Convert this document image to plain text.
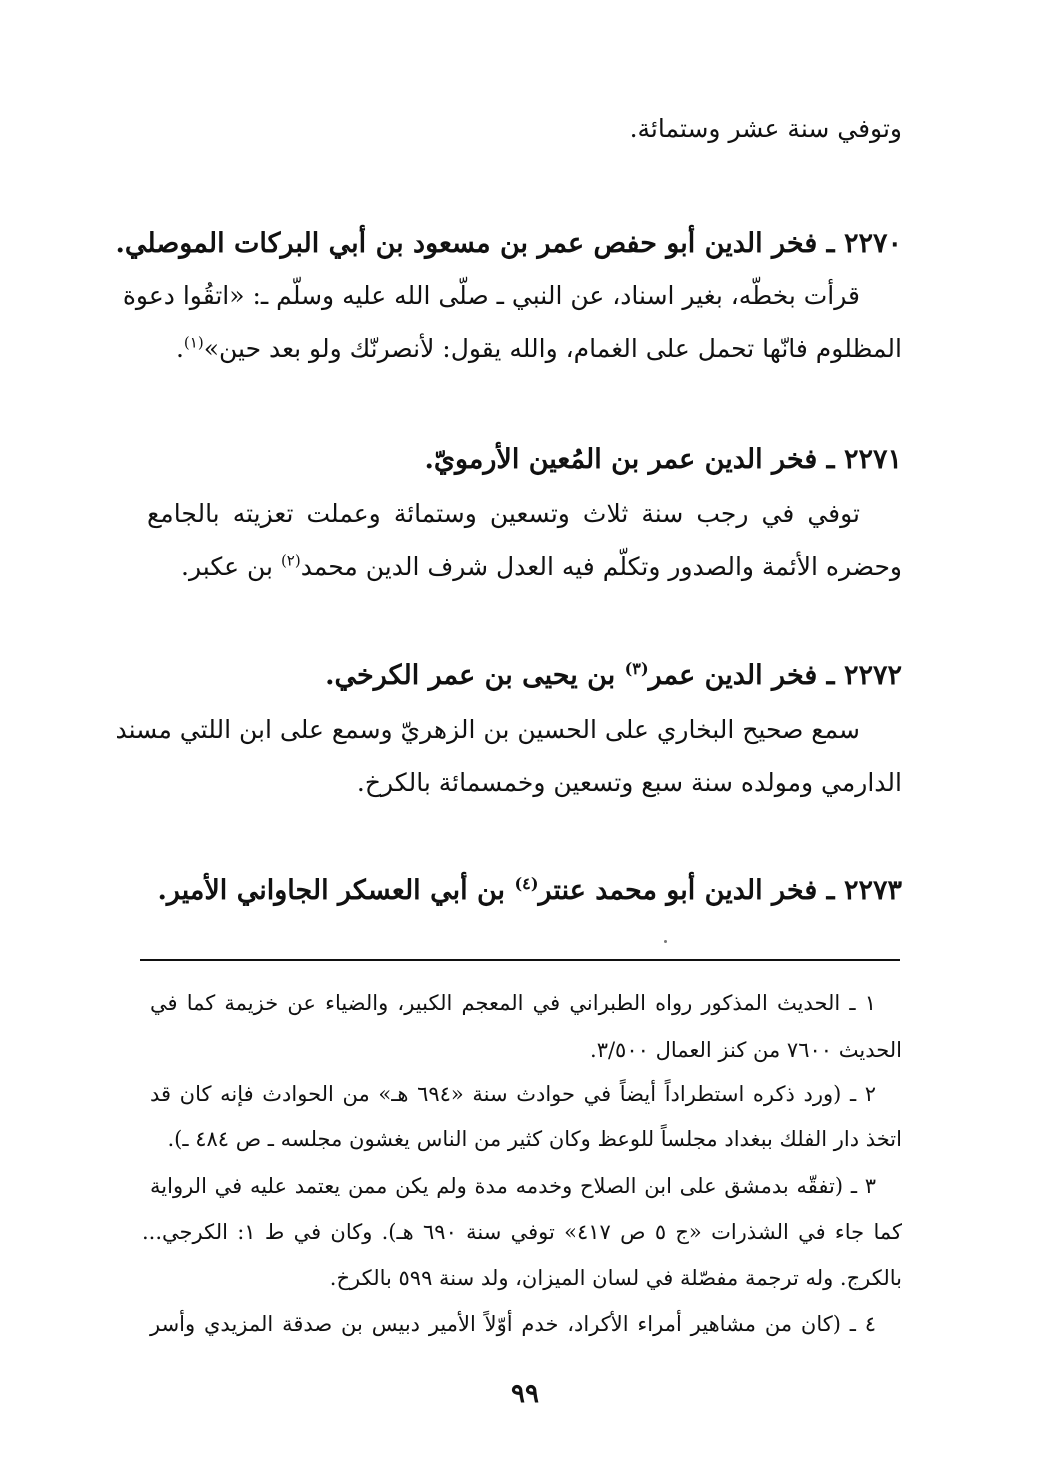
وتوفي سنة عشر وستمائة.

٢٢٧٠ ـ فخر الدين أبو حفص عمر بن مسعود بن أبي البركات الموصلي.

قرأت بخطّه، بغير اسناد، عن النبي ـ صلّى الله عليه وسلّم ـ: «اتقُوا دعوة

المظلوم فانّها تحمل على الغمام، والله يقول: لأنصرنّك ولو بعد حين»$^{(١)}$.

٢٢٧١ ـ فخر الدين عمر بن المُعين الأرمويّ.

توفي في رجب سنة ثلاث وتسعين وستمائة وعملت تعزيته بالجامع

وحضره الأئمة والصدور وتكلّم فيه العدل شرف الدين محمد$^{(٢)}$ بن عكبر.

٢٢٧٢ ـ فخر الدين عمر$^{(٣)}$ بن يحيى بن عمر الكرخي.

سمع صحيح البخاري على الحسين بن الزهريّ وسمع على ابن اللتي مسند

الدارمي ومولده سنة سبع وتسعين وخمسمائة بالكرخ.

٢٢٧٣ ـ فخر الدين أبو محمد عنتر$^{(٤)}$ بن أبي العسكر الجاواني الأمير.

١ ـ الحديث المذكور رواه الطبراني في المعجم الكبير، والضياء عن خزيمة كما في

الحديث ٧٦٠٠ من كنز العمال ٣/٥٠٠.

٢ ـ (ورد ذكره استطراداً أيضاً في حوادث سنة «٦٩٤ هـ» من الحوادث فإنه كان قد

اتخذ دار الفلك ببغداد مجلساً للوعظ وكان كثير من الناس يغشون مجلسه ـ ص ٤٨٤ ـ).

٣ ـ (تفقّه بدمشق على ابن الصلاح وخدمه مدة ولم يكن ممن يعتمد عليه في الرواية

كما جاء في الشذرات «ج ٥ ص ٤١٧» توفي سنة ٦٩٠ هـ). وكان في ط ١: الكرجي...

بالكرج. وله ترجمة مفصّلة في لسان الميزان، ولد سنة ٥٩٩ بالكرخ.

٤ ـ (كان من مشاهير أمراء الأكراد، خدم أوّلاً الأمير دبيس بن صدقة المزيدي وأسر

٩٩
